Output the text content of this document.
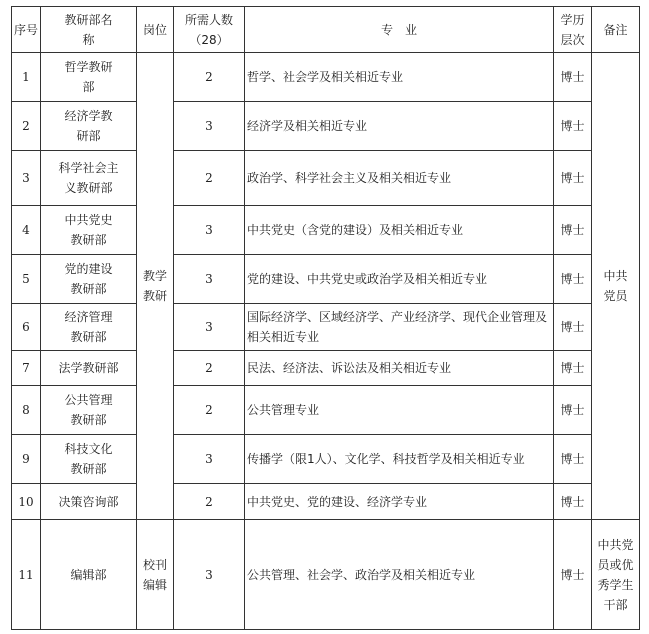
序号	教研部名称	岗位	所需人数（28）	专　业	学历层次	备注
1	哲学教研部	教学教研	2	哲学、社会学及相关相近专业	博士	中共党员
2	经济学教研部		3	经济学及相关相近专业	博士	
3	科学社会主义教研部		2	政治学、科学社会主义及相关相近专业	博士	
4	中共党史教研部		3	中共党史（含党的建设）及相关相近专业	博士	
5	党的建设教研部		3	党的建设、中共党史或政治学及相关相近专业	博士	
6	经济管理教研部		3	国际经济学、区域经济学、产业经济学、现代企业管理及相关相近专业	博士	
7	法学教研部		2	民法、经济法、诉讼法及相关相近专业	博士	
8	公共管理教研部		2	公共管理专业	博士	
9	科技文化教研部		3	传播学（限1人）、文化学、科技哲学及相关相近专业	博士	
10	决策咨询部		2	中共党史、党的建设、经济学专业	博士	
11	编辑部	校刊编辑	3	公共管理、社会学、政治学及相关相近专业	博士	中共党员或优秀学生干部
